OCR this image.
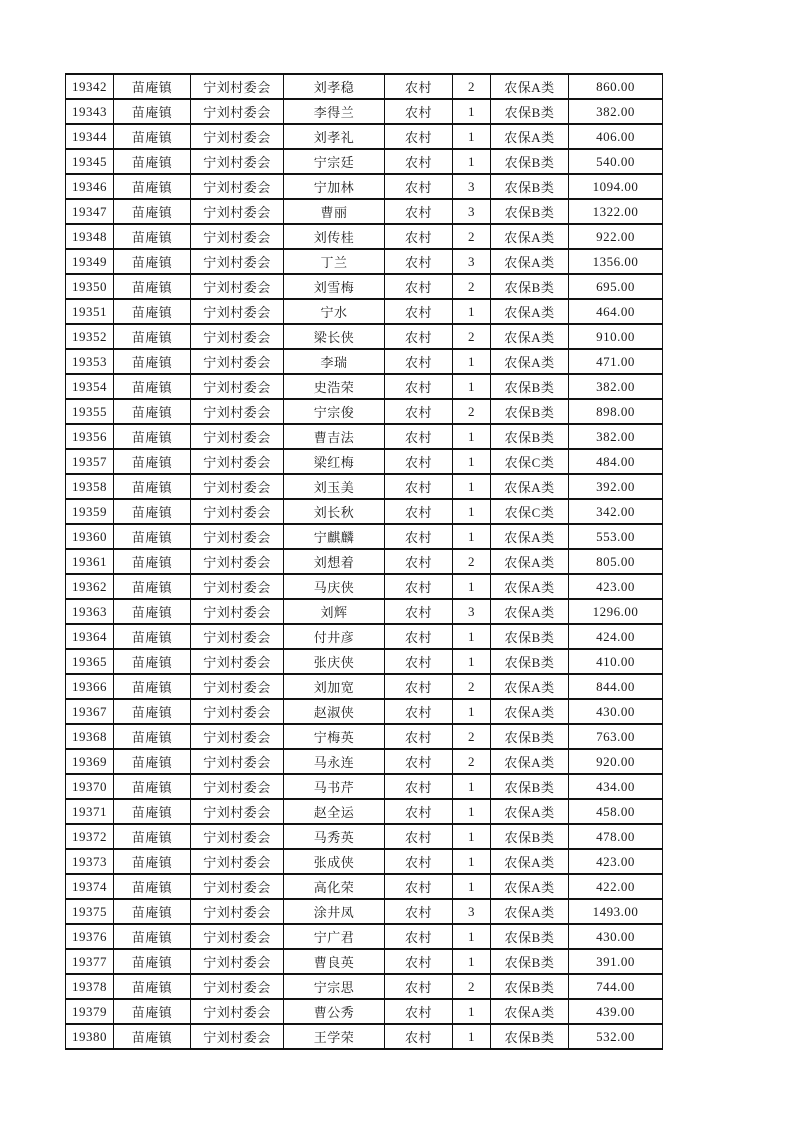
19342	苗庵镇	宁刘村委会	刘孝稳	农村	2	农保A类	860.00
19343	苗庵镇	宁刘村委会	李得兰	农村	1	农保B类	382.00
19344	苗庵镇	宁刘村委会	刘孝礼	农村	1	农保A类	406.00
19345	苗庵镇	宁刘村委会	宁宗廷	农村	1	农保B类	540.00
19346	苗庵镇	宁刘村委会	宁加林	农村	3	农保B类	1094.00
19347	苗庵镇	宁刘村委会	曹丽	农村	3	农保B类	1322.00
19348	苗庵镇	宁刘村委会	刘传桂	农村	2	农保A类	922.00
19349	苗庵镇	宁刘村委会	丁兰	农村	3	农保A类	1356.00
19350	苗庵镇	宁刘村委会	刘雪梅	农村	2	农保B类	695.00
19351	苗庵镇	宁刘村委会	宁水	农村	1	农保A类	464.00
19352	苗庵镇	宁刘村委会	梁长侠	农村	2	农保A类	910.00
19353	苗庵镇	宁刘村委会	李瑞	农村	1	农保A类	471.00
19354	苗庵镇	宁刘村委会	史浩荣	农村	1	农保B类	382.00
19355	苗庵镇	宁刘村委会	宁宗俊	农村	2	农保B类	898.00
19356	苗庵镇	宁刘村委会	曹吉法	农村	1	农保B类	382.00
19357	苗庵镇	宁刘村委会	梁红梅	农村	1	农保C类	484.00
19358	苗庵镇	宁刘村委会	刘玉美	农村	1	农保A类	392.00
19359	苗庵镇	宁刘村委会	刘长秋	农村	1	农保C类	342.00
19360	苗庵镇	宁刘村委会	宁麒麟	农村	1	农保A类	553.00
19361	苗庵镇	宁刘村委会	刘想着	农村	2	农保A类	805.00
19362	苗庵镇	宁刘村委会	马庆侠	农村	1	农保A类	423.00
19363	苗庵镇	宁刘村委会	刘辉	农村	3	农保A类	1296.00
19364	苗庵镇	宁刘村委会	付井彦	农村	1	农保B类	424.00
19365	苗庵镇	宁刘村委会	张庆侠	农村	1	农保B类	410.00
19366	苗庵镇	宁刘村委会	刘加宽	农村	2	农保A类	844.00
19367	苗庵镇	宁刘村委会	赵淑侠	农村	1	农保A类	430.00
19368	苗庵镇	宁刘村委会	宁梅英	农村	2	农保B类	763.00
19369	苗庵镇	宁刘村委会	马永连	农村	2	农保A类	920.00
19370	苗庵镇	宁刘村委会	马书芹	农村	1	农保B类	434.00
19371	苗庵镇	宁刘村委会	赵全运	农村	1	农保A类	458.00
19372	苗庵镇	宁刘村委会	马秀英	农村	1	农保B类	478.00
19373	苗庵镇	宁刘村委会	张成侠	农村	1	农保A类	423.00
19374	苗庵镇	宁刘村委会	高化荣	农村	1	农保A类	422.00
19375	苗庵镇	宁刘村委会	涂井凤	农村	3	农保A类	1493.00
19376	苗庵镇	宁刘村委会	宁广君	农村	1	农保B类	430.00
19377	苗庵镇	宁刘村委会	曹良英	农村	1	农保B类	391.00
19378	苗庵镇	宁刘村委会	宁宗思	农村	2	农保B类	744.00
19379	苗庵镇	宁刘村委会	曹公秀	农村	1	农保A类	439.00
19380	苗庵镇	宁刘村委会	王学荣	农村	1	农保B类	532.00
